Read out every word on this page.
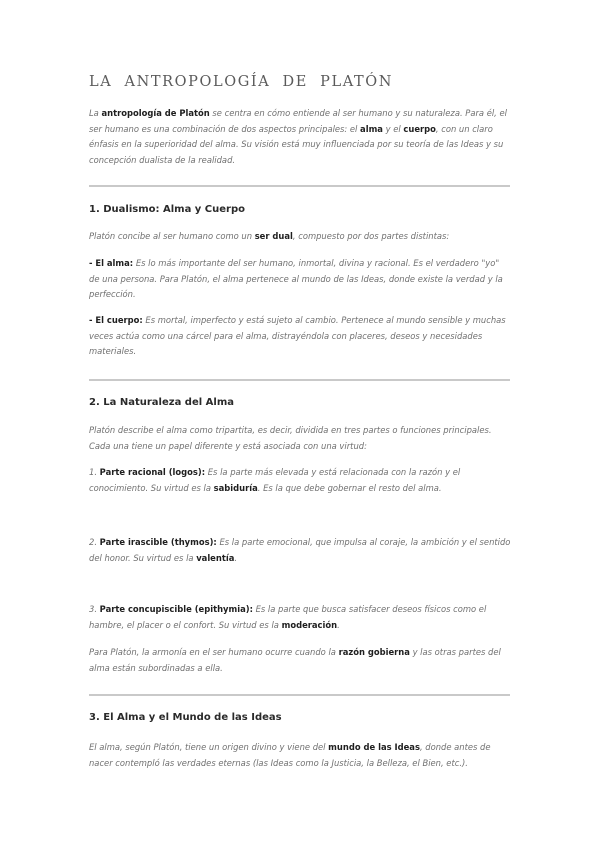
LA ANTROPOLOGÍA DE PLATÓN
La antropología de Platón se centra en cómo entiende al ser humano y su naturaleza. Para él, el ser humano es una combinación de dos aspectos principales: el alma y el cuerpo, con un claro énfasis en la superioridad del alma. Su visión está muy influenciada por su teoría de las Ideas y su concepción dualista de la realidad.
1. Dualismo: Alma y Cuerpo
Platón concibe al ser humano como un ser dual, compuesto por dos partes distintas:
- El alma: Es lo más importante del ser humano, inmortal, divina y racional. Es el verdadero "yo" de una persona. Para Platón, el alma pertenece al mundo de las Ideas, donde existe la verdad y la perfección.
- El cuerpo: Es mortal, imperfecto y está sujeto al cambio. Pertenece al mundo sensible y muchas veces actúa como una cárcel para el alma, distrayéndola con placeres, deseos y necesidades materiales.
2. La Naturaleza del Alma
Platón describe el alma como tripartita, es decir, dividida en tres partes o funciones principales. Cada una tiene un papel diferente y está asociada con una virtud:
1. Parte racional (logos): Es la parte más elevada y está relacionada con la razón y el conocimiento. Su virtud es la sabiduría. Es la que debe gobernar el resto del alma.
2. Parte irascible (thymos): Es la parte emocional, que impulsa al coraje, la ambición y el sentido del honor. Su virtud es la valentía.
3. Parte concupiscible (epithymia): Es la parte que busca satisfacer deseos físicos como el hambre, el placer o el confort. Su virtud es la moderación.
Para Platón, la armonía en el ser humano ocurre cuando la razón gobierna y las otras partes del alma están subordinadas a ella.
3. El Alma y el Mundo de las Ideas
El alma, según Platón, tiene un origen divino y viene del mundo de las Ideas, donde antes de nacer contempló las verdades eternas (las Ideas como la Justicia, la Belleza, el Bien, etc.).
